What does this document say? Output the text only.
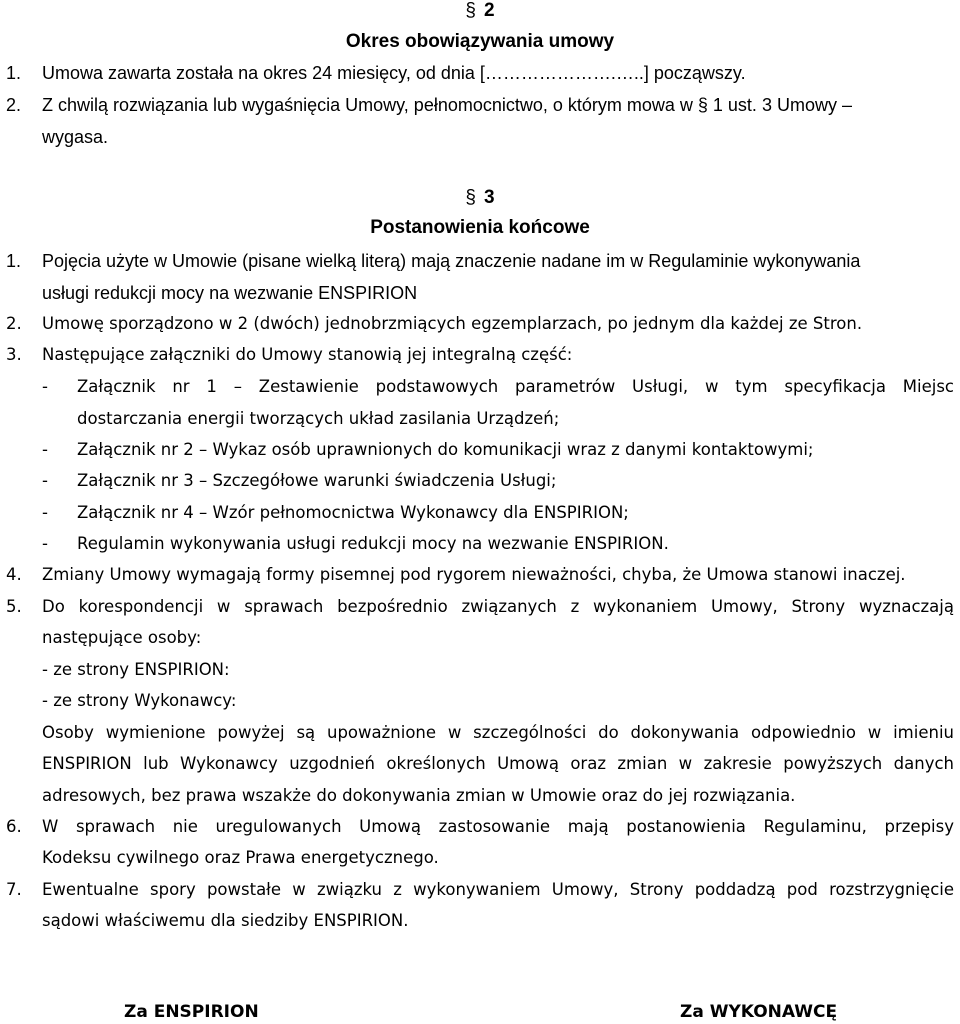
§ 2
Okres obowiązywania umowy
1. Umowa zawarta została na okres 24 miesięcy, od dnia [………………….…..] począwszy.
2. Z chwilą rozwiązania lub wygaśnięcia Umowy, pełnomocnictwo, o którym mowa w § 1 ust. 3 Umowy –
wygasa.
§ 3
Postanowienia końcowe
1. Pojęcia użyte w Umowie (pisane wielką literą) mają znaczenie nadane im w Regulaminie wykonywania
usługi redukcji mocy na wezwanie ENSPIRION
2. Umowę sporządzono w 2 (dwóch) jednobrzmiących egzemplarzach, po jednym dla każdej ze Stron.
3. Następujące załączniki do Umowy stanowią jej integralną część:
- Załącznik nr 1 – Zestawienie podstawowych parametrów Usługi, w tym specyfikacja Miejsc
dostarczania energii tworzących układ zasilania Urządzeń;
- Załącznik nr 2 – Wykaz osób uprawnionych do komunikacji wraz z danymi kontaktowymi;
- Załącznik nr 3 – Szczegółowe warunki świadczenia Usługi;
- Załącznik nr 4 – Wzór pełnomocnictwa Wykonawcy dla ENSPIRION;
- Regulamin wykonywania usługi redukcji mocy na wezwanie ENSPIRION.
4. Zmiany Umowy wymagają formy pisemnej pod rygorem nieważności, chyba, że Umowa stanowi inaczej.
5. Do korespondencji w sprawach bezpośrednio związanych z wykonaniem Umowy, Strony wyznaczają
następujące osoby:
- ze strony ENSPIRION:
- ze strony Wykonawcy:
Osoby wymienione powyżej są upoważnione w szczególności do dokonywania odpowiednio w imieniu
ENSPIRION lub Wykonawcy uzgodnień określonych Umową oraz zmian w zakresie powyższych danych
adresowych, bez prawa wszakże do dokonywania zmian w Umowie oraz do jej rozwiązania.
6. W sprawach nie uregulowanych Umową zastosowanie mają postanowienia Regulaminu, przepisy
Kodeksu cywilnego oraz Prawa energetycznego.
7. Ewentualne spory powstałe w związku z wykonywaniem Umowy, Strony poddadzą pod rozstrzygnięcie
sądowi właściwemu dla siedziby ENSPIRION.
Za ENSPIRION	Za WYKONAWCĘ
